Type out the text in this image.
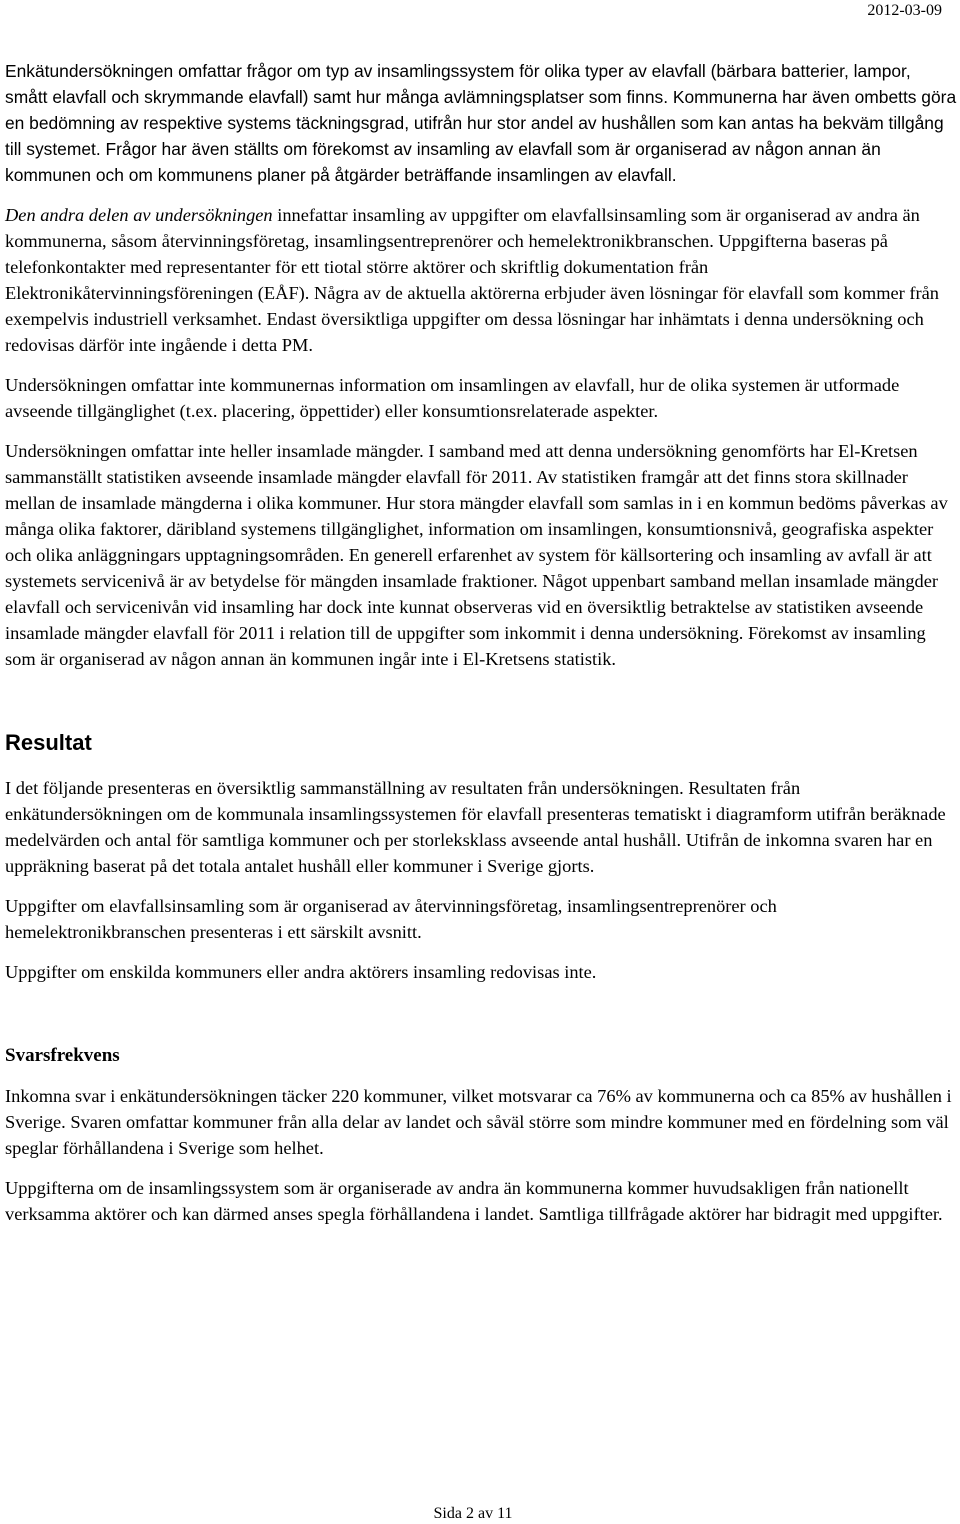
2012-03-09

Enkätundersökningen omfattar frågor om typ av insamlingssystem för olika typer av elavfall (bärbara batterier, lampor, smått elavfall och skrymmande elavfall) samt hur många avlämningsplatser som finns. Kommunerna har även ombetts göra en bedömning av respektive systems täckningsgrad, utifrån hur stor andel av hushållen som kan antas ha bekväm tillgång till systemet. Frågor har även ställts om förekomst av insamling av elavfall som är organiserad av någon annan än kommunen och om kommunens planer på åtgärder beträffande insamlingen av elavfall.

Den andra delen av undersökningen innefattar insamling av uppgifter om elavfallsinsamling som är organiserad av andra än kommunerna, såsom återvinningsföretag, insamlingsentreprenörer och hemelektronikbranschen. Uppgifterna baseras på telefonkontakter med representanter för ett tiotal större aktörer och skriftlig dokumentation från Elektronikåtervinningsföreningen (EÅF). Några av de aktuella aktörerna erbjuder även lösningar för elavfall som kommer från exempelvis industriell verksamhet. Endast översiktliga uppgifter om dessa lösningar har inhämtats i denna undersökning och redovisas därför inte ingående i detta PM.

Undersökningen omfattar inte kommunernas information om insamlingen av elavfall, hur de olika systemen är utformade avseende tillgänglighet (t.ex. placering, öppettider) eller konsumtionsrelaterade aspekter.

Undersökningen omfattar inte heller insamlade mängder. I samband med att denna undersökning genomförts har El-Kretsen sammanställt statistiken avseende insamlade mängder elavfall för 2011. Av statistiken framgår att det finns stora skillnader mellan de insamlade mängderna i olika kommuner. Hur stora mängder elavfall som samlas in i en kommun bedöms påverkas av många olika faktorer, däribland systemens tillgänglighet, information om insamlingen, konsumtionsnivå, geografiska aspekter och olika anläggningars upptagningsområden. En generell erfarenhet av system för källsortering och insamling av avfall är att systemets servicenivå är av betydelse för mängden insamlade fraktioner. Något uppenbart samband mellan insamlade mängder elavfall och servicenivån vid insamling har dock inte kunnat observeras vid en översiktlig betraktelse av statistiken avseende insamlade mängder elavfall för 2011 i relation till de uppgifter som inkommit i denna undersökning. Förekomst av insamling som är organiserad av någon annan än kommunen ingår inte i El-Kretsens statistik.

Resultat

I det följande presenteras en översiktlig sammanställning av resultaten från undersökningen. Resultaten från enkätundersökningen om de kommunala insamlingssystemen för elavfall presenteras tematiskt i diagramform utifrån beräknade medelvärden och antal för samtliga kommuner och per storleksklass avseende antal hushåll. Utifrån de inkomna svaren har en uppräkning baserat på det totala antalet hushåll eller kommuner i Sverige gjorts.

Uppgifter om elavfallsinsamling som är organiserad av återvinningsföretag, insamlingsentreprenörer och hemelektronikbranschen presenteras i ett särskilt avsnitt.

Uppgifter om enskilda kommuners eller andra aktörers insamling redovisas inte.

Svarsfrekvens

Inkomna svar i enkätundersökningen täcker 220 kommuner, vilket motsvarar ca 76% av kommunerna och ca 85% av hushållen i Sverige. Svaren omfattar kommuner från alla delar av landet och såväl större som mindre kommuner med en fördelning som väl speglar förhållandena i Sverige som helhet.

Uppgifterna om de insamlingssystem som är organiserade av andra än kommunerna kommer huvudsakligen från nationellt verksamma aktörer och kan därmed anses spegla förhållandena i landet. Samtliga tillfrågade aktörer har bidragit med uppgifter.

Sida 2 av 11
